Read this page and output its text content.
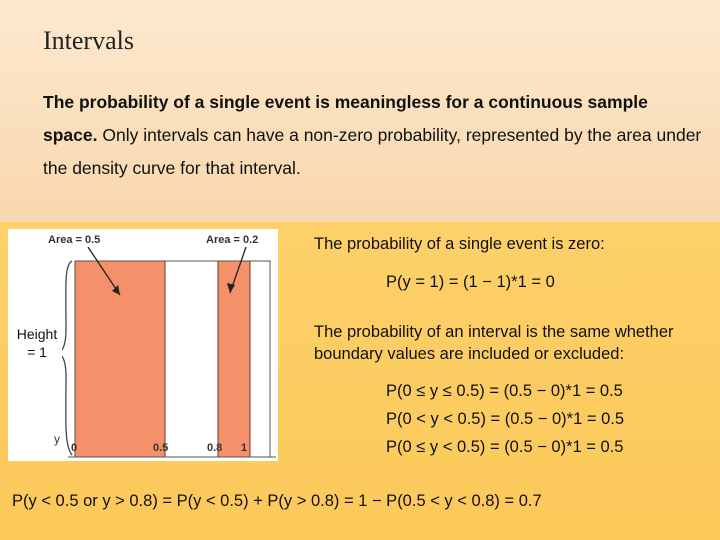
Intervals
The probability of a single event is meaningless for a continuous sample space. Only intervals can have a non-zero probability, represented by the area under the density curve for that interval.
Area = 0.5	Area = 0.2
y
0	0.5	0.8 1
Height
= 1
The probability of a single event is zero:
P(y = 1) = (1 − 1)*1 = 0
The probability of an interval is the same whether boundary values are included or excluded:
P(0 ≤ y ≤ 0.5) = (0.5 − 0)*1 = 0.5
P(0 < y < 0.5) = (0.5 − 0)*1 = 0.5
P(0 ≤ y < 0.5) = (0.5 − 0)*1 = 0.5
P(y < 0.5 or y > 0.8) = P(y < 0.5) + P(y > 0.8) = 1 − P(0.5 < y < 0.8) = 0.7
